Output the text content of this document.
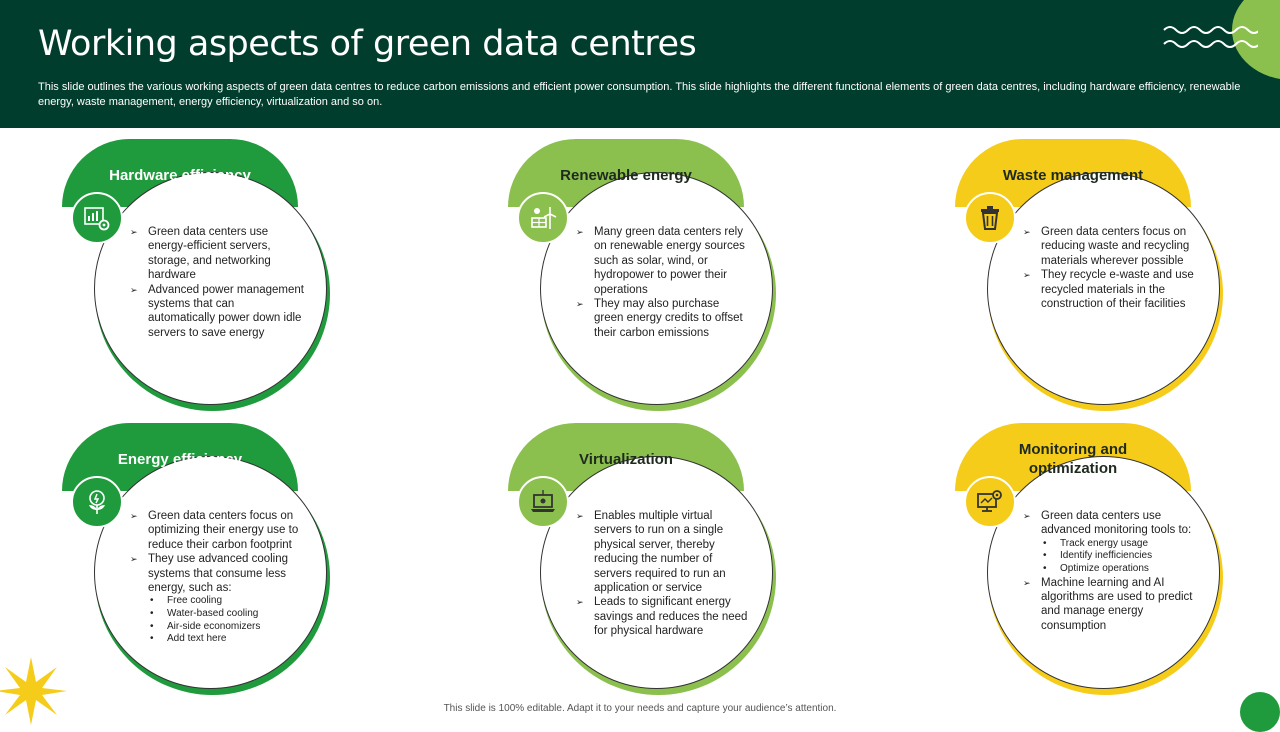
Working aspects of green data centres

This slide outlines the various working aspects of green data centres to reduce carbon emissions and efficient power consumption. This slide highlights the different functional elements of green data centres, including hardware efficiency, renewable energy, waste management, energy efficiency, virtualization and so on.

Hardware efficiency
➢ Green data centers use energy-efficient servers, storage, and networking hardware
➢ Advanced power management systems that can automatically power down idle servers to save energy
Renewable energy
➢ Many green data centers rely on renewable energy sources such as solar, wind, or hydropower to power their operations
➢ They may also purchase green energy credits to offset their carbon emissions
Waste management
➢ Green data centers focus on reducing waste and recycling materials wherever possible
➢ They recycle e-waste and use recycled materials in the construction of their facilities
Energy efficiency
➢ Green data centers focus on optimizing their energy use to reduce their carbon footprint
➢ They use advanced cooling systems that consume less energy, such as:
• Free cooling
• Water-based cooling
• Air-side economizers
• Add text here
Virtualization
➢ Enables multiple virtual servers to run on a single physical server, thereby reducing the number of servers required to run an application or service
➢ Leads to significant energy savings and reduces the need for physical hardware
Monitoring and optimization
➢ Green data centers use advanced monitoring tools to:
• Track energy usage
• Identify inefficiencies
• Optimize operations
➢ Machine learning and AI algorithms are used to predict and manage energy consumption
This slide is 100% editable. Adapt it to your needs and capture your audience’s attention.
